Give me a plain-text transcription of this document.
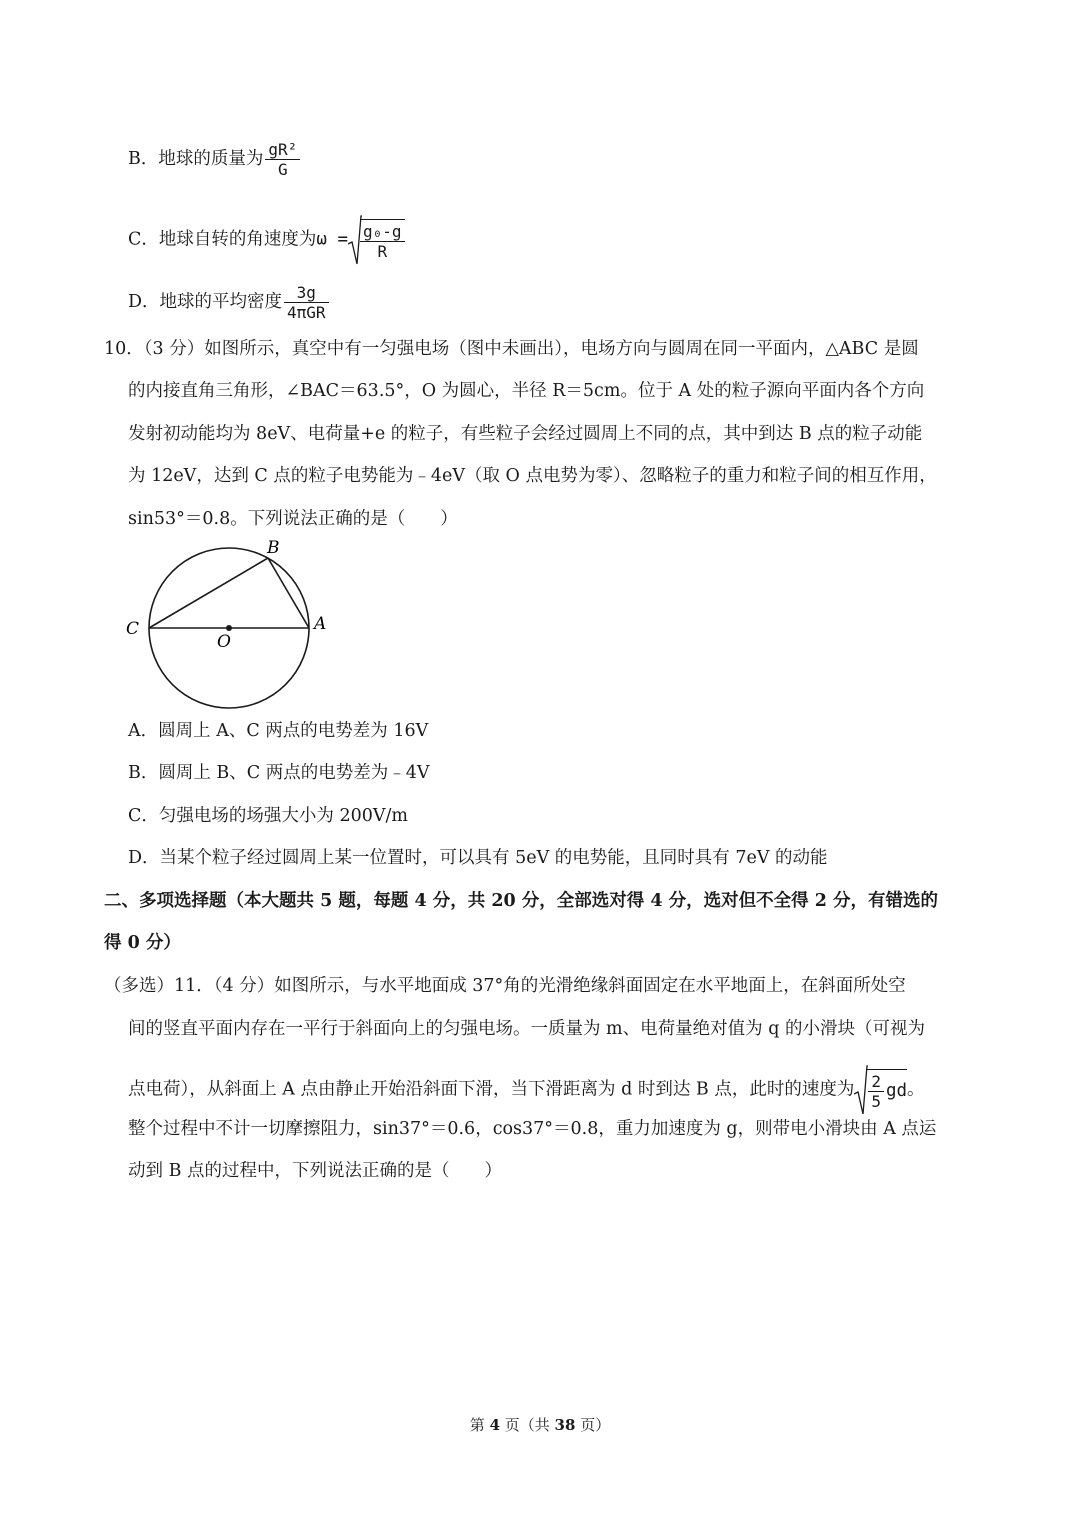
B．地球的质量为 $\frac{\text{gR²}}{G}$
C．地球自转的角速度为$\omega = \frac{\text{g₀-g}}{R}$
D．地球的平均密度 $\frac{3g}{\text{4πGR}}$
10．（3 分）如图所示，真空中有一匀强电场（图中未画出），电场方向与圆周在同一平面内，△ABC 是圆
的内接直角三角形，∠BAC＝63.5°，O 为圆心，半径 R＝5cm。位于 A 处的粒子源向平面内各个方向
发射初动能均为 8eV、电荷量+e 的粒子，有些粒子会经过圆周上不同的点，其中到达 B 点的粒子动能
为 12eV，达到 C 点的粒子电势能为﹣4eV（取 O 点电势为零）、忽略粒子的重力和粒子间的相互作用，
sin53°＝0.8。下列说法正确的是（　　）
B
C	A
O
A．圆周上 A、C 两点的电势差为 16V
B．圆周上 B、C 两点的电势差为﹣4V
C．匀强电场的场强大小为 200V/m
D．当某个粒子经过圆周上某一位置时，可以具有 5eV 的电势能，且同时具有 7eV 的动能
二、多项选择题（本大题共 5 题，每题 4 分，共 20 分，全部选对得 4 分，选对但不全得 2 分，有错选的
得 0 分）
（多选）11．（4 分）如图所示，与水平地面成 37°角的光滑绝缘斜面固定在水平地面上，在斜面所处空
间的竖直平面内存在一平行于斜面向上的匀强电场。一质量为 m、电荷量绝对值为 q 的小滑块（可视为
点电荷），从斜面上 A 点由静止开始沿斜面下滑，当下滑距离为 d 时到达 B 点，此时的速度为 $\frac{2}{5}$ gd。
整个过程中不计一切摩擦阻力，sin37°＝0.6，cos37°＝0.8，重力加速度为 g，则带电小滑块由 A 点运
动到 B 点的过程中，下列说法正确的是（　　）
第 4 页（共 38 页）
